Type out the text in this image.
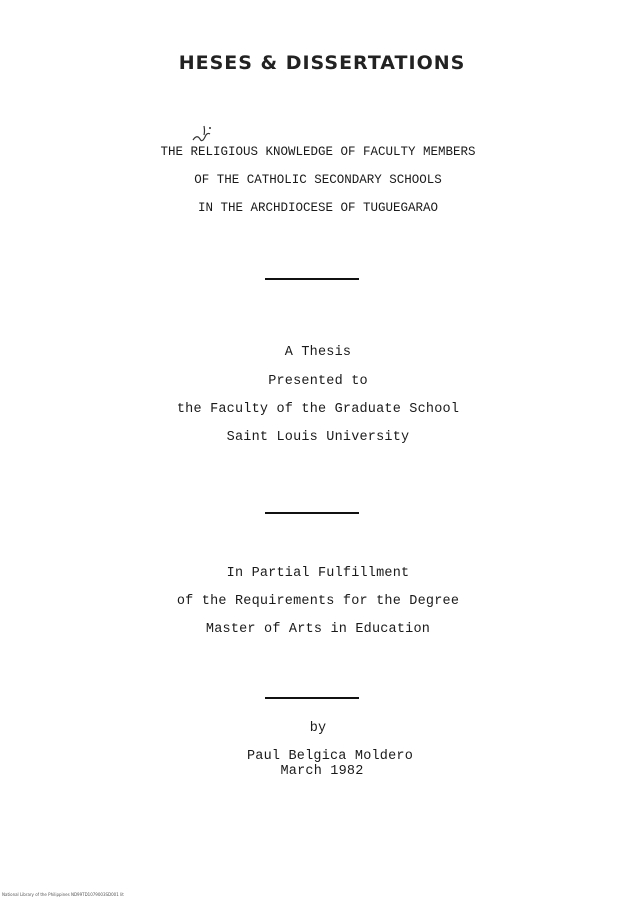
HESES & DISSERTATIONS
THE RELIGIOUS KNOWLEDGE OF FACULTY MEMBERS
OF THE CATHOLIC SECONDARY SCHOOLS
IN THE ARCHDIOCESE OF TUGUEGARAO
A Thesis
Presented to
the Faculty of the Graduate School
Saint Louis University
In Partial Fulfillment
of the Requirements for the Degree
Master of Arts in Education
by
Paul Belgica Moldero
March 1982
National Library of the Philippines ND99TD1079003SD001 lit
